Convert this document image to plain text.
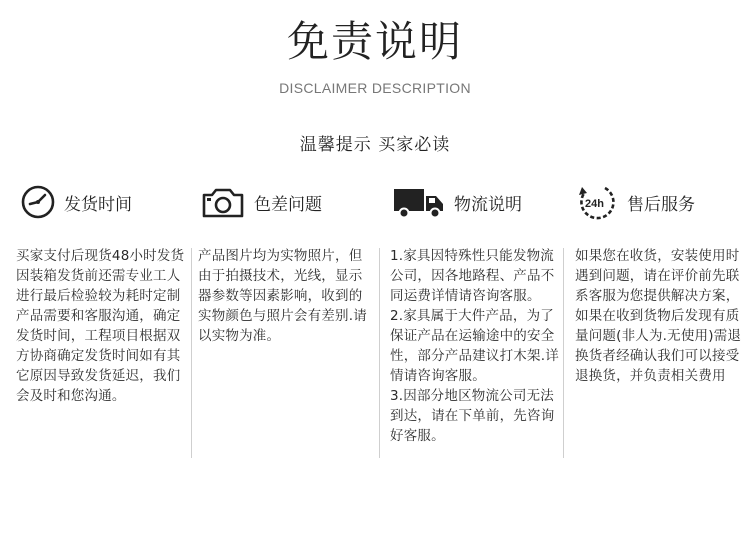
免责说明
DISCLAIMER DESCRIPTION
温馨提示 买家必读
发货时间

买家支付后现货48小时发货因装箱发货前还需专业工人进行最后检验较为耗时定制产品需要和客服沟通，确定发货时间，工程项目根据双方协商确定发货时间如有其它原因导致发货延迟，我们会及时和您沟通。

色差问题

产品图片均为实物照片，但由于拍摄技术，光线，显示器参数等因素影响，收到的实物颜色与照片会有差别.请以实物为准。

物流说明

1.家具因特殊性只能发物流公司，因各地路程、产品不同运费详情请咨询客服。

2.家具属于大件产品，为了保证产品在运输途中的安全性，部分产品建议打木架.详情请咨询客服。

3.因部分地区物流公司无法到达，请在下单前，先咨询好客服。

24h 售后服务

如果您在收货，安装使用时遇到问题，请在评价前先联系客服为您提供解决方案，如果在收到货物后发现有质量问题(非人为.无使用)需退换货者经确认我们可以接受退换货，并负责相关费用
